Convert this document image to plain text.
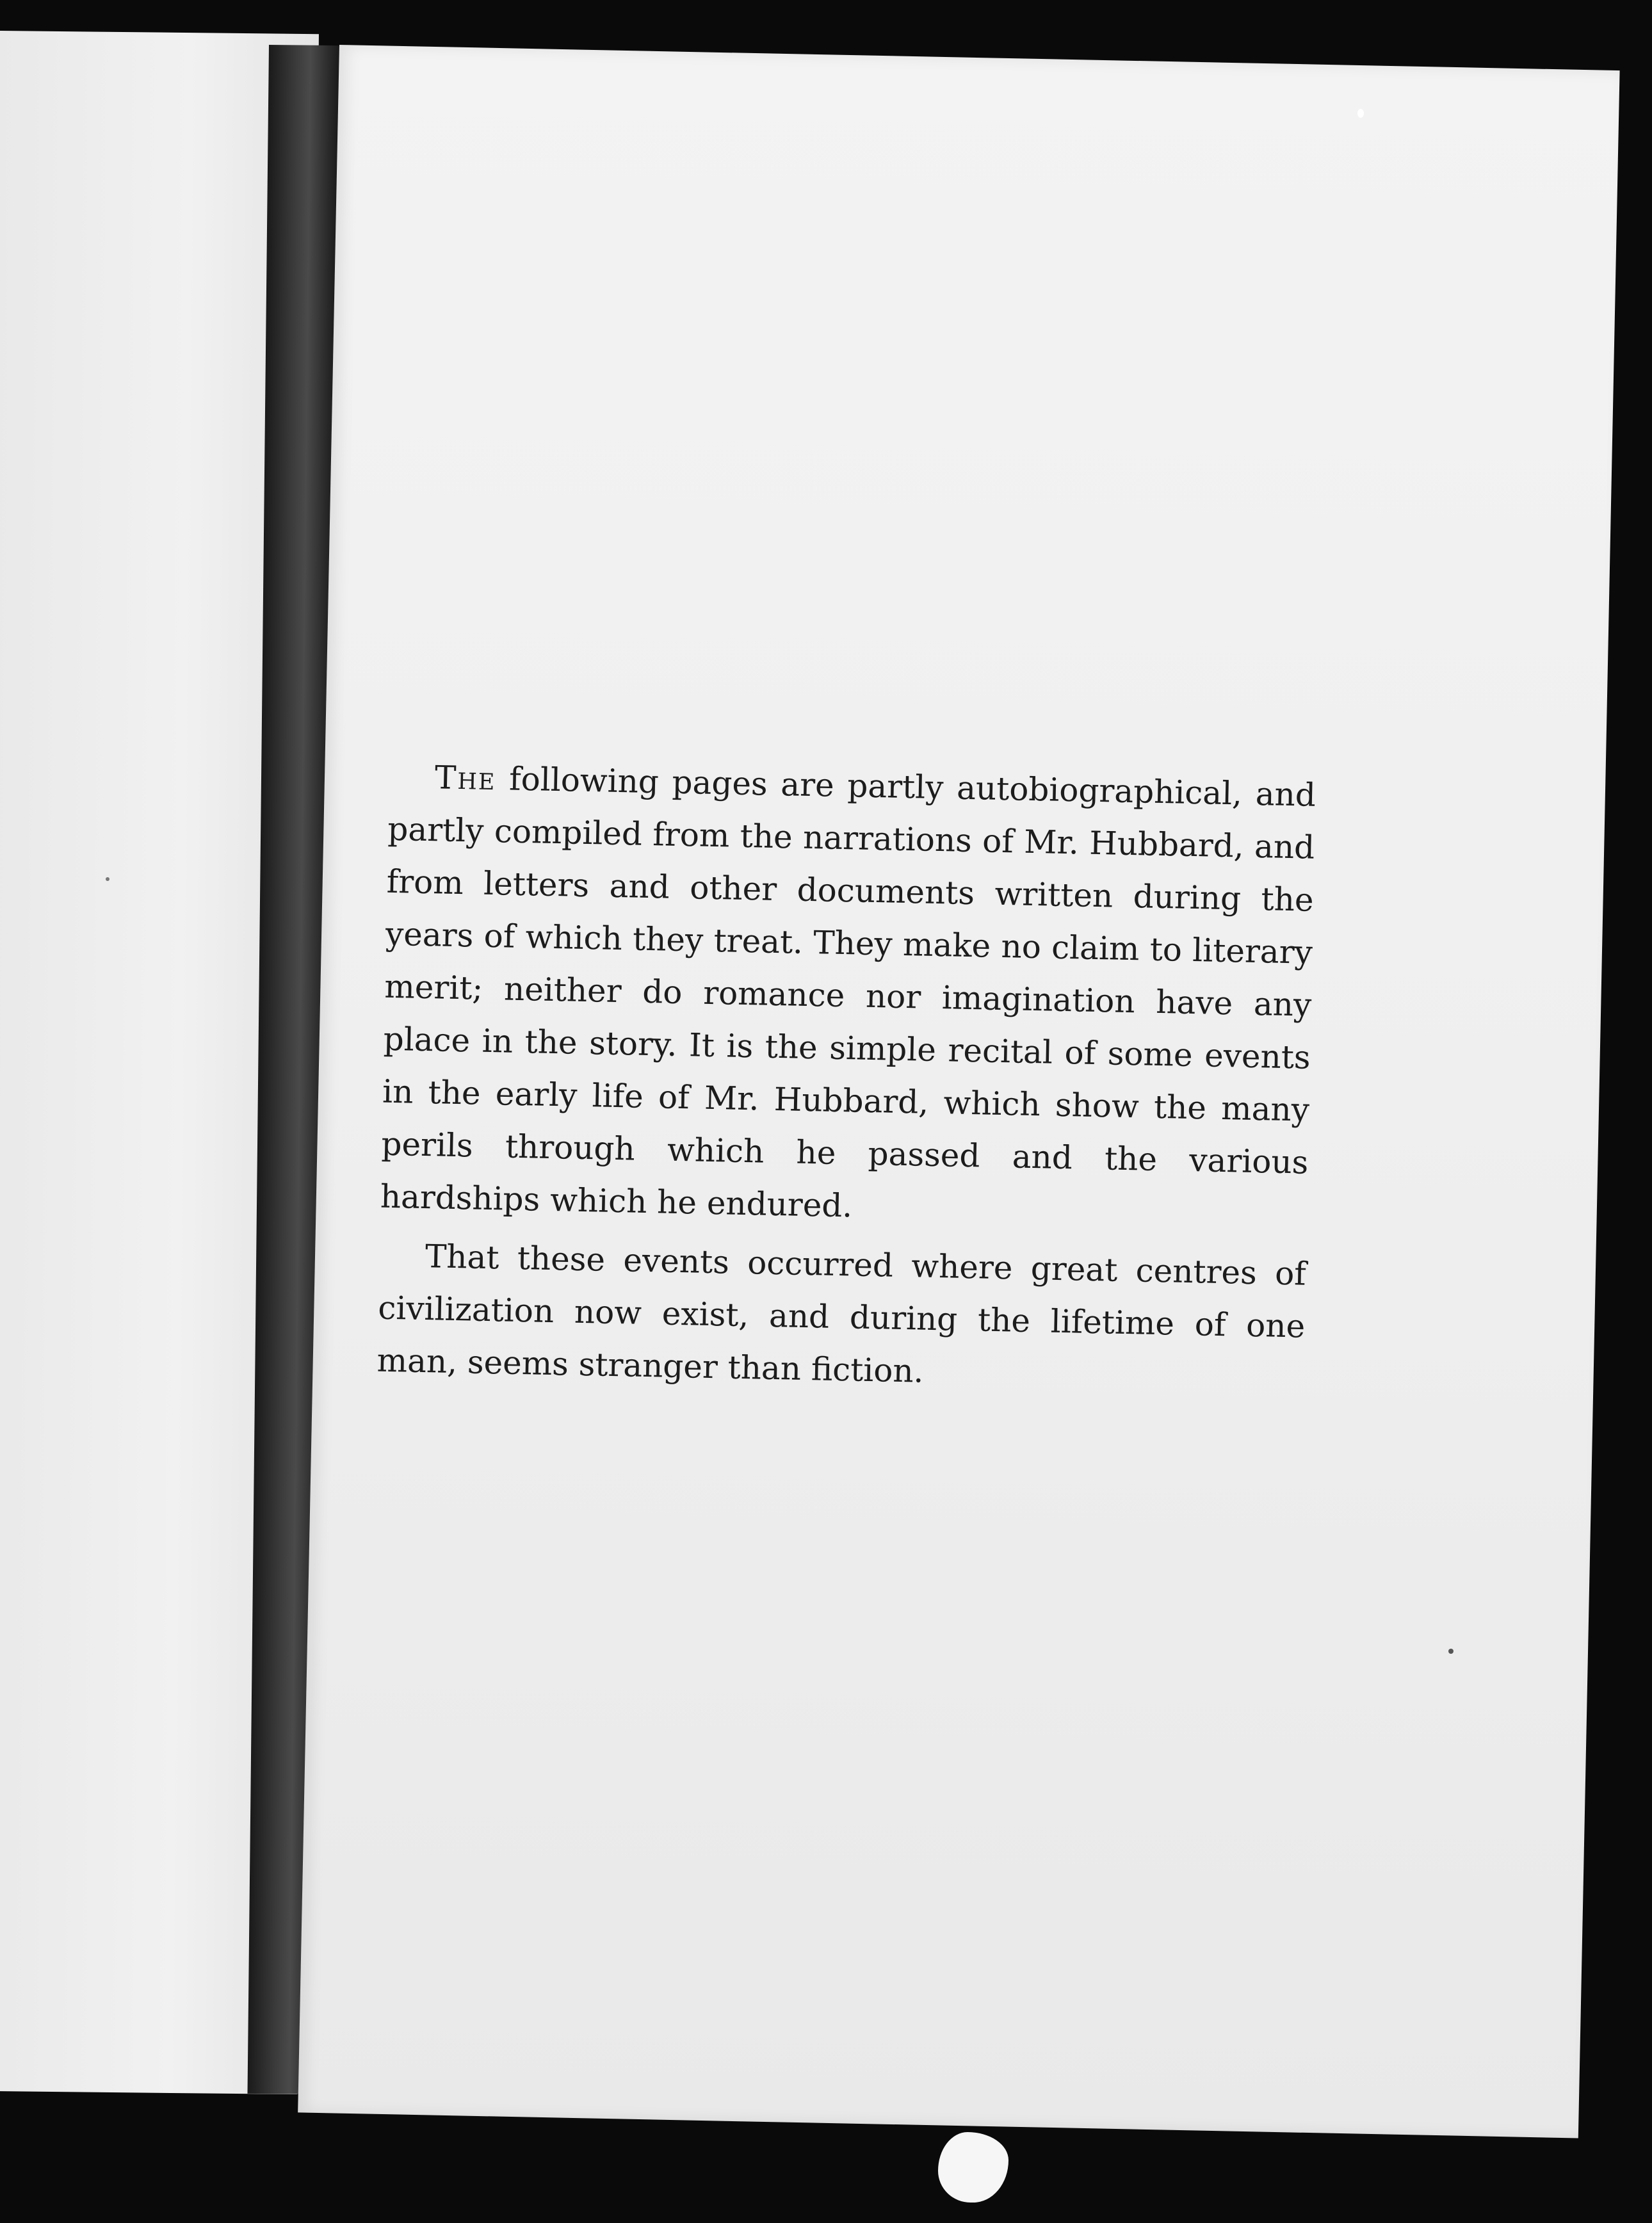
The following pages are partly autobiographical, and partly compiled from the narrations of Mr. Hubbard, and from letters and other documents written during the years of which they treat. They make no claim to literary merit; neither do romance nor imagination have any place in the story. It is the simple recital of some events in the early life of Mr. Hubbard, which show the many perils through which he passed and the various hardships which he endured.

That these events occurred where great centres of civilization now exist, and during the lifetime of one man, seems stranger than fiction.
